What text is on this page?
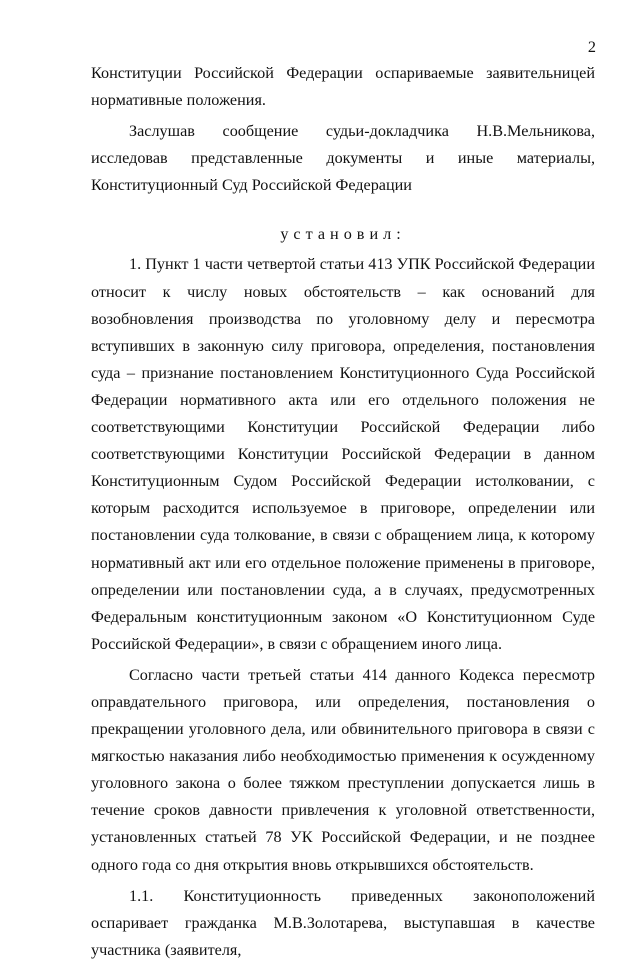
2

Конституции Российской Федерации оспариваемые заявительницей нормативные положения.

Заслушав сообщение судьи-докладчика Н.В.Мельникова, исследовав представленные документы и иные материалы, Конституционный Суд Российской Федерации

установил:

1. Пункт 1 части четвертой статьи 413 УПК Российской Федерации относит к числу новых обстоятельств – как оснований для возобновления производства по уголовному делу и пересмотра вступивших в законную силу приговора, определения, постановления суда – признание постановлением Конституционного Суда Российской Федерации нормативного акта или его отдельного положения не соответствующими Конституции Российской Федерации либо соответствующими Конституции Российской Федерации в данном Конституционным Судом Российской Федерации истолковании, с которым расходится используемое в приговоре, определении или постановлении суда толкование, в связи с обращением лица, к которому нормативный акт или его отдельное положение применены в приговоре, определении или постановлении суда, а в случаях, предусмотренных Федеральным конституционным законом «О Конституционном Суде Российской Федерации», в связи с обращением иного лица.

Согласно части третьей статьи 414 данного Кодекса пересмотр оправдательного приговора, или определения, постановления о прекращении уголовного дела, или обвинительного приговора в связи с мягкостью наказания либо необходимостью применения к осужденному уголовного закона о более тяжком преступлении допускается лишь в течение сроков давности привлечения к уголовной ответственности, установленных статьей 78 УК Российской Федерации, и не позднее одного года со дня открытия вновь открывшихся обстоятельств.

1.1. Конституционность приведенных законоположений оспаривает гражданка М.В.Золотарева, выступавшая в качестве участника (заявителя,
